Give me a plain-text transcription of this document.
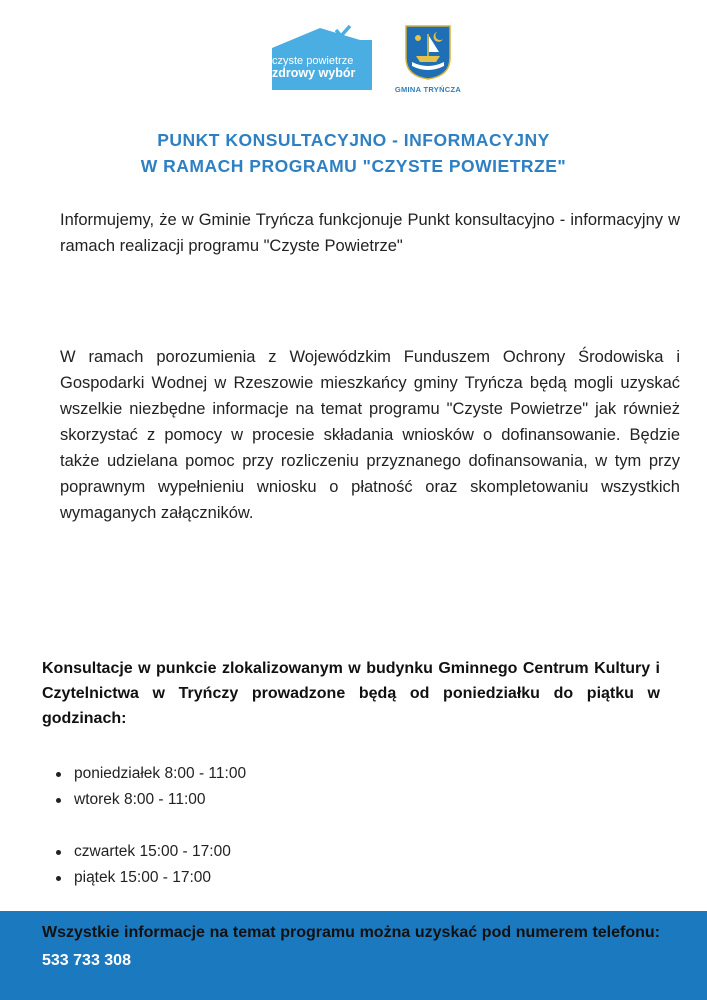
czyste powietrze
zdrowy wybór
GMINA TRYŃCZA
PUNKT KONSULTACYJNO - INFORMACYJNY
W RAMACH PROGRAMU "CZYSTE POWIETRZE"

Informujemy, że w Gminie Tryńcza funkcjonuje Punkt konsultacyjno - informacyjny w ramach realizacji programu "Czyste Powietrze"

W ramach porozumienia z Wojewódzkim Funduszem Ochrony Środowiska i Gospodarki Wodnej w Rzeszowie mieszkańcy gminy Tryńcza będą mogli uzyskać wszelkie niezbędne informacje na temat programu "Czyste Powietrze" jak również skorzystać z pomocy w procesie składania wniosków o dofinansowanie. Będzie także udzielana pomoc przy rozliczeniu przyznanego dofinansowania, w tym przy poprawnym wypełnieniu wniosku o płatność oraz skompletowaniu wszystkich wymaganych załączników.

Konsultacje w punkcie zlokalizowanym w budynku Gminnego Centrum Kultury i Czytelnictwa w Tryńczy prowadzone będą od poniedziałku do piątku w godzinach:

poniedziałek 8:00 - 11:00
wtorek 8:00 - 11:00
czwartek 15:00 - 17:00
piątek 15:00 - 17:00
Wszystkie informacje na temat programu można uzyskać pod numerem telefonu: 533 733 308
